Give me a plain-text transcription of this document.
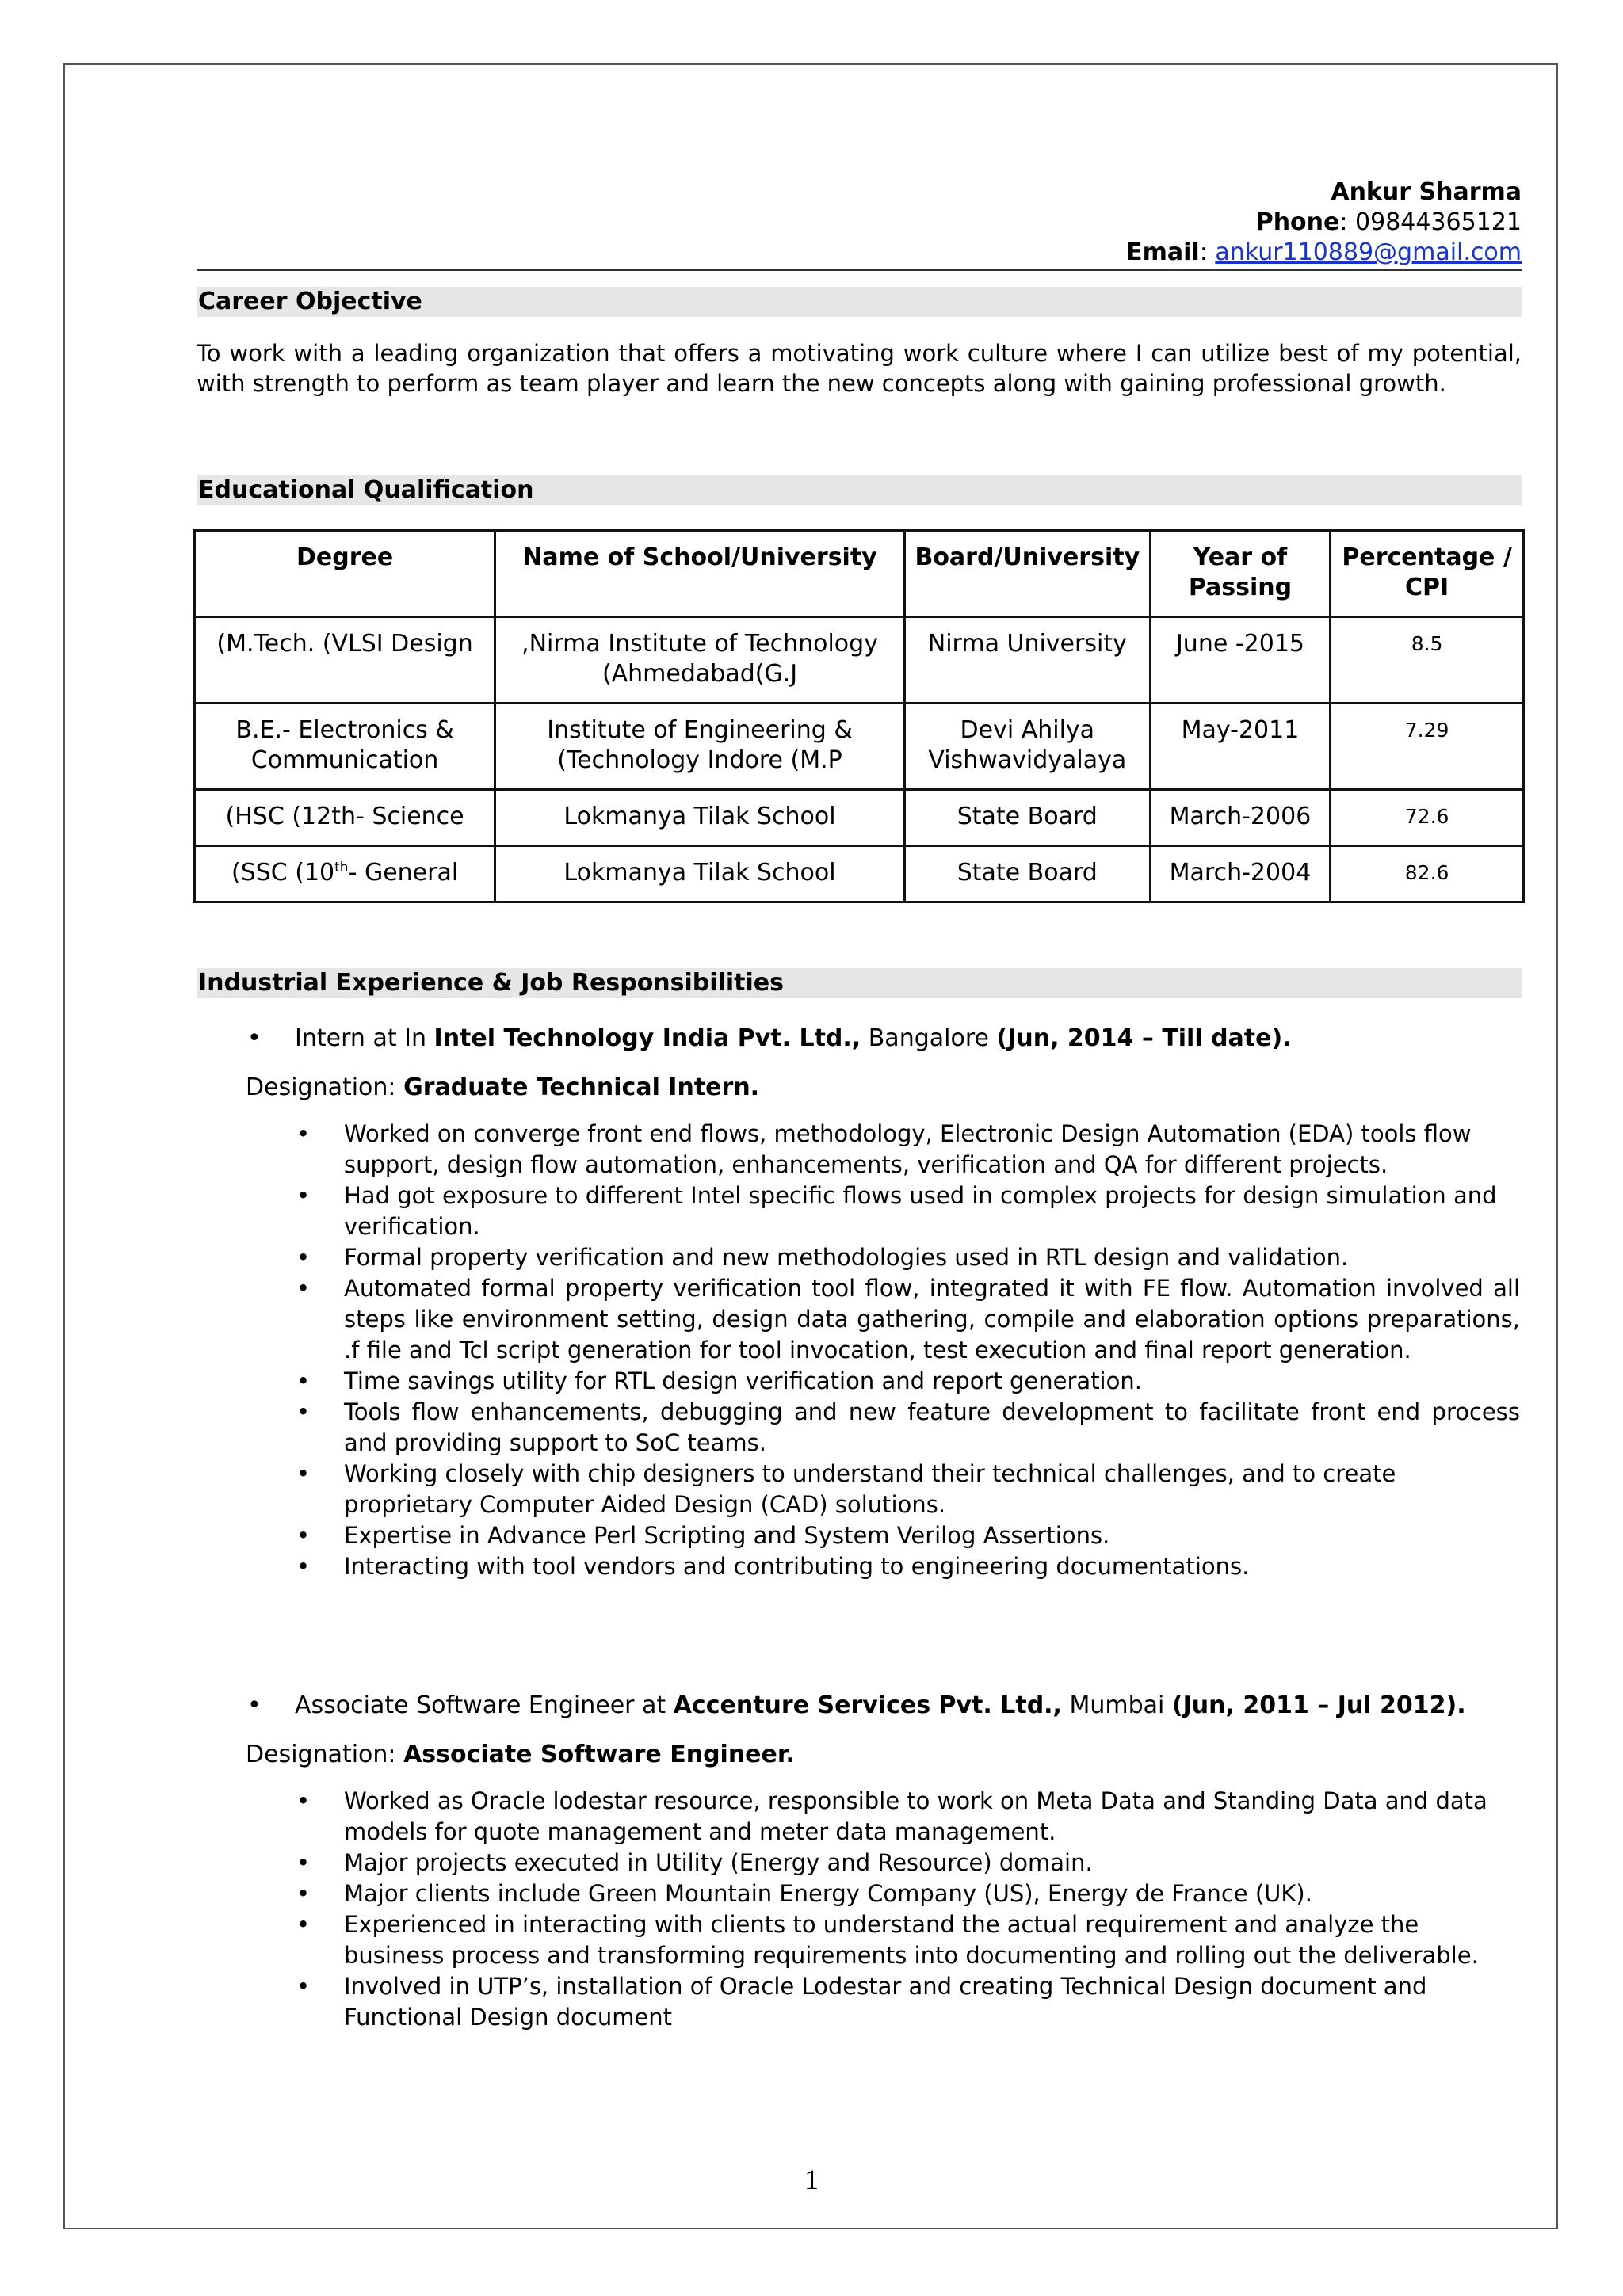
Ankur Sharma
Phone: 09844365121
Email: ankur110889@gmail.com
Career Objective
To work with a leading organization that offers a motivating work culture where I can utilize best of my potential, with strength to perform as team player and learn the new concepts along with gaining professional growth.
Educational Qualification
Degree	Name of School/University	Board/University	Year of Passing	Percentage / CPI
(M.Tech. (VLSI Design	,Nirma Institute of Technology (Ahmedabad(G.J	Nirma University	June -2015	8.5
B.E.- Electronics & Communication	Institute of Engineering & (Technology Indore (M.P	Devi Ahilya Vishwavidyalaya	May-2011	7.29
(HSC (12th- Science	Lokmanya Tilak School	State Board	March-2006	72.6
(SSC (10th- General	Lokmanya Tilak School	State Board	March-2004	82.6
Industrial Experience & Job Responsibilities
• Intern at In Intel Technology India Pvt. Ltd., Bangalore (Jun, 2014 – Till date).
Designation: Graduate Technical Intern.
• Worked on converge front end flows, methodology, Electronic Design Automation (EDA) tools flow support, design flow automation, enhancements, verification and QA for different projects.
• Had got exposure to different Intel specific flows used in complex projects for design simulation and verification.
• Formal property verification and new methodologies used in RTL design and validation.
• Automated formal property verification tool flow, integrated it with FE flow. Automation involved all steps like environment setting, design data gathering, compile and elaboration options preparations, .f file and Tcl script generation for tool invocation, test execution and final report generation.
• Time savings utility for RTL design verification and report generation.
• Tools flow enhancements, debugging and new feature development to facilitate front end process and providing support to SoC teams.
• Working closely with chip designers to understand their technical challenges, and to create proprietary Computer Aided Design (CAD) solutions.
• Expertise in Advance Perl Scripting and System Verilog Assertions.
• Interacting with tool vendors and contributing to engineering documentations.
• Associate Software Engineer at Accenture Services Pvt. Ltd., Mumbai (Jun, 2011 – Jul 2012).
Designation: Associate Software Engineer.
• Worked as Oracle lodestar resource, responsible to work on Meta Data and Standing Data and data models for quote management and meter data management.
• Major projects executed in Utility (Energy and Resource) domain.
• Major clients include Green Mountain Energy Company (US), Energy de France (UK).
• Experienced in interacting with clients to understand the actual requirement and analyze the business process and transforming requirements into documenting and rolling out the deliverable.
• Involved in UTP’s, installation of Oracle Lodestar and creating Technical Design document and Functional Design document
1
